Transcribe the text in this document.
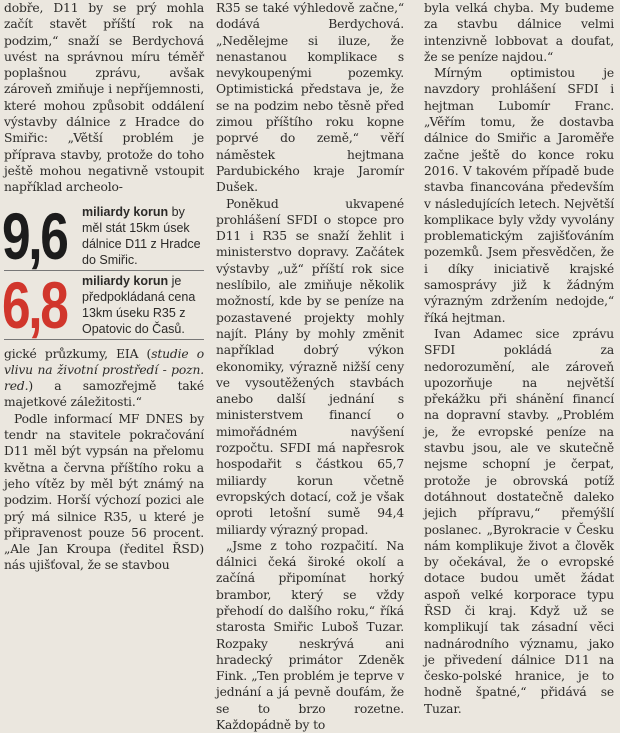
dobře, D11 by se prý mohla začít stavět příští rok na podzim,“ snaží se Berdychová uvést na správnou míru téměř poplašnou zprávu, avšak zároveň zmiňuje i nepříjemnosti, které mohou způsobit oddálení výstavby dálnice z Hradce do Smiřic: „Větší problém je příprava stavby, protože do toho ještě mohou negativně vstoupit například archeolo-

9,6 miliardy korun by měl stát 15km úsek dálnice D11 z Hradce do Smiřic.
6,8 miliardy korun je předpokládaná cena 13km úseku R35 z Opatovic do Časů.

gické průzkumy, EIA (studie o vlivu na životní prostředí - pozn. red.) a samozřejmě také majetkové záležitosti.“

Podle informací MF DNES by tendr na stavitele pokračování D11 měl být vypsán na přelomu května a června příštího roku a jeho vítěz by měl být známý na podzim. Horší výchozí pozici ale prý má silnice R35, u které je připravenost pouze 56 procent. „Ale Jan Kroupa (ředitel ŘSD) nás ujišťoval, že se stavbou

R35 se také výhledově začne,“ dodává Berdychová. „Nedělejme si iluze, že nenastanou komplikace s nevykoupenými pozemky. Optimistická představa je, že se na podzim nebo těsně před zimou příštího roku kopne poprvé do země,“ věří náměstek hejtmana Pardubického kraje Jaromír Dušek.

Poněkud ukvapené prohlášení SFDI o stopce pro D11 i R35 se snaží žehlit i ministerstvo dopravy. Začátek výstavby „už“ příští rok sice neslíbilo, ale zmiňuje několik možností, kde by se peníze na pozastavené projekty mohly najít. Plány by mohly změnit například dobrý výkon ekonomiky, výrazně nižší ceny ve vysoutěžených stavbách anebo další jednání s ministerstvem financí o mimořádném navýšení rozpočtu. SFDI má napřesrok hospodařit s částkou 65,7 miliardy korun včetně evropských dotací, což je však oproti letošní sumě 94,4 miliardy výrazný propad.

„Jsme z toho rozpačití. Na dálnici čeká široké okolí a začíná připomínat horký brambor, který se vždy přehodí do dalšího roku,“ říká starosta Smiřic Luboš Tuzar. Rozpaky neskrývá ani hradecký primátor Zdeněk Fink. „Ten problém je teprve v jednání a já pevně doufám, že se to brzo rozetne. Každopádně by to

byla velká chyba. My budeme za stavbu dálnice velmi intenzivně lobbovat a doufat, že se peníze najdou.“

Mírným optimistou je navzdory prohlášení SFDI i hejtman Lubomír Franc. „Věřím tomu, že dostavba dálnice do Smiřic a Jaroměře začne ještě do konce roku 2016. V takovém případě bude stavba financována především v následujících letech. Největší komplikace byly vždy vyvolány problematickým zajišťováním pozemků. Jsem přesvědčen, že i díky iniciativě krajské samosprávy již k žádným výrazným zdržením nedojde,“ říká hejtman.

Ivan Adamec sice zprávu SFDI pokládá za nedorozumění, ale zároveň upozorňuje na největší překážku při shánění financí na dopravní stavby. „Problém je, že evropské peníze na stavbu jsou, ale ve skutečně nejsme schopní je čerpat, protože je obrovská potíž dotáhnout dostatečně daleko jejich přípravu,“ přemýšlí poslanec. „Byrokracie v Česku nám komplikuje život a člověk by očekával, že o evropské dotace budou umět žádat aspoň velké korporace typu ŘSD či kraj. Když už se komplikují tak zásadní věci nadnárodního významu, jako je přivedení dálnice D11 na česko-polské hranice, je to hodně špatné,“ přidává se Tuzar.
